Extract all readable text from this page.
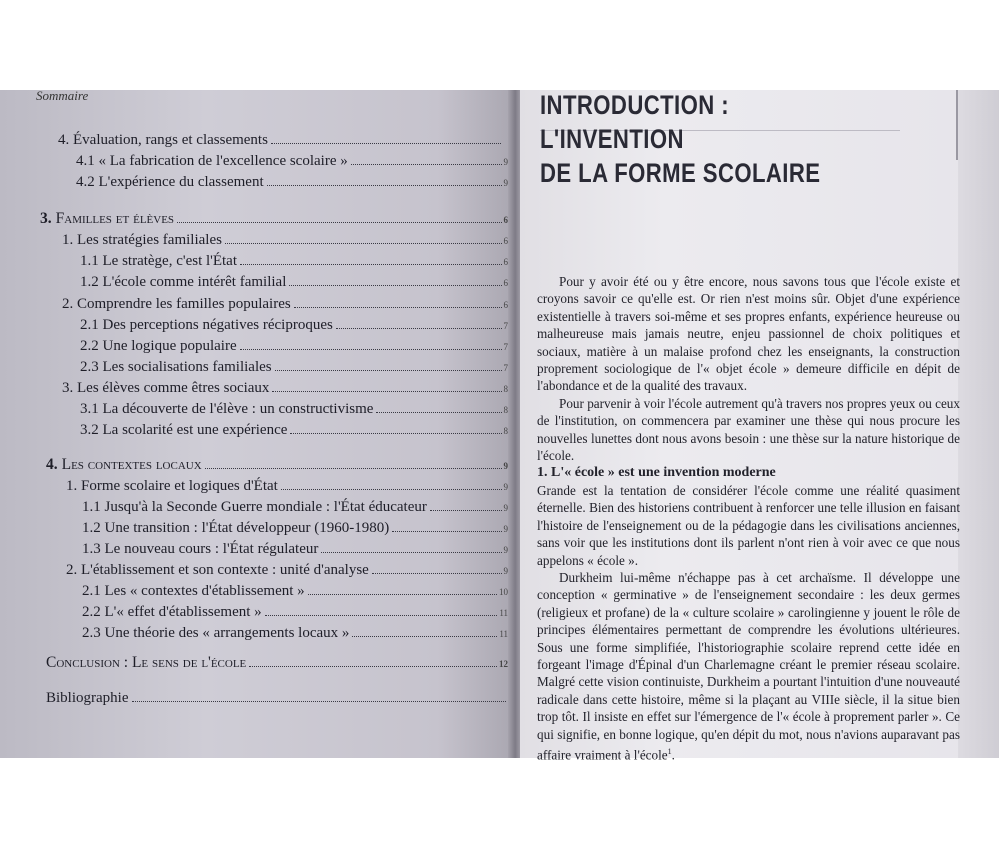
Sommaire
4. Évaluation, rangs et classements
4.1 « La fabrication de l'excellence scolaire »	9
4.2 L'expérience du classement	9
3. Familles et élèves	6
1. Les stratégies familiales	6
1.1 Le stratège, c'est l'État	6
1.2 L'école comme intérêt familial	6
2. Comprendre les familles populaires	6
2.1 Des perceptions négatives réciproques	7
2.2 Une logique populaire	7
2.3 Les socialisations familiales	7
3. Les élèves comme êtres sociaux	8
3.1 La découverte de l'élève : un constructivisme	8
3.2 La scolarité est une expérience	8
4. Les contextes locaux	9
1. Forme scolaire et logiques d'État	9
1.1 Jusqu'à la Seconde Guerre mondiale : l'État éducateur	9
1.2 Une transition : l'État développeur (1960-1980)	9
1.3 Le nouveau cours : l'État régulateur	9
2. L'établissement et son contexte : unité d'analyse	9
2.1 Les « contextes d'établissement »	10
2.2 L'« effet d'établissement »	11
2.3 Une théorie des « arrangements locaux »	11
Conclusion : Le sens de l'école	12
Bibliographie
INTRODUCTION : L'INVENTION
DE LA FORME SCOLAIRE

Pour y avoir été ou y être encore, nous savons tous que l'école existe et croyons savoir ce qu'elle est. Or rien n'est moins sûr. Objet d'une expérience existentielle à travers soi-même et ses propres enfants, expérience heureuse ou malheureuse mais jamais neutre, enjeu passionnel de choix politiques et sociaux, matière à un malaise profond chez les enseignants, la construction proprement sociologique de l'« objet école » demeure difficile en dépit de l'abondance et de la qualité des travaux.

Pour parvenir à voir l'école autrement qu'à travers nos propres yeux ou ceux de l'institution, on commencera par examiner une thèse qui nous procure les nouvelles lunettes dont nous avons besoin : une thèse sur la nature historique de l'école.

1. L'« école » est une invention moderne

Grande est la tentation de considérer l'école comme une réalité quasiment éternelle. Bien des historiens contribuent à renforcer une telle illusion en faisant l'histoire de l'enseignement ou de la pédagogie dans les civilisations anciennes, sans voir que les institutions dont ils parlent n'ont rien à voir avec ce que nous appelons « école ».

Durkheim lui-même n'échappe pas à cet archaïsme. Il développe une conception « germinative » de l'enseignement secondaire : les deux germes (religieux et profane) de la « culture scolaire » carolingienne y jouent le rôle de principes élémentaires permettant de comprendre les évolutions ultérieures. Sous une forme simplifiée, l'historiographie scolaire reprend cette idée en forgeant l'image d'Épinal d'un Charlemagne créant le premier réseau scolaire. Malgré cette vision continuiste, Durkheim a pourtant l'intuition d'une nouveauté radicale dans cette histoire, même si la plaçant au VIIIe siècle, il la situe bien trop tôt. Il insiste en effet sur l'émergence de l'« école à proprement parler ». Ce qui signifie, en bonne logique, qu'en dépit du mot, nous n'avions auparavant pas affaire vraiment à l'école$^1$.
